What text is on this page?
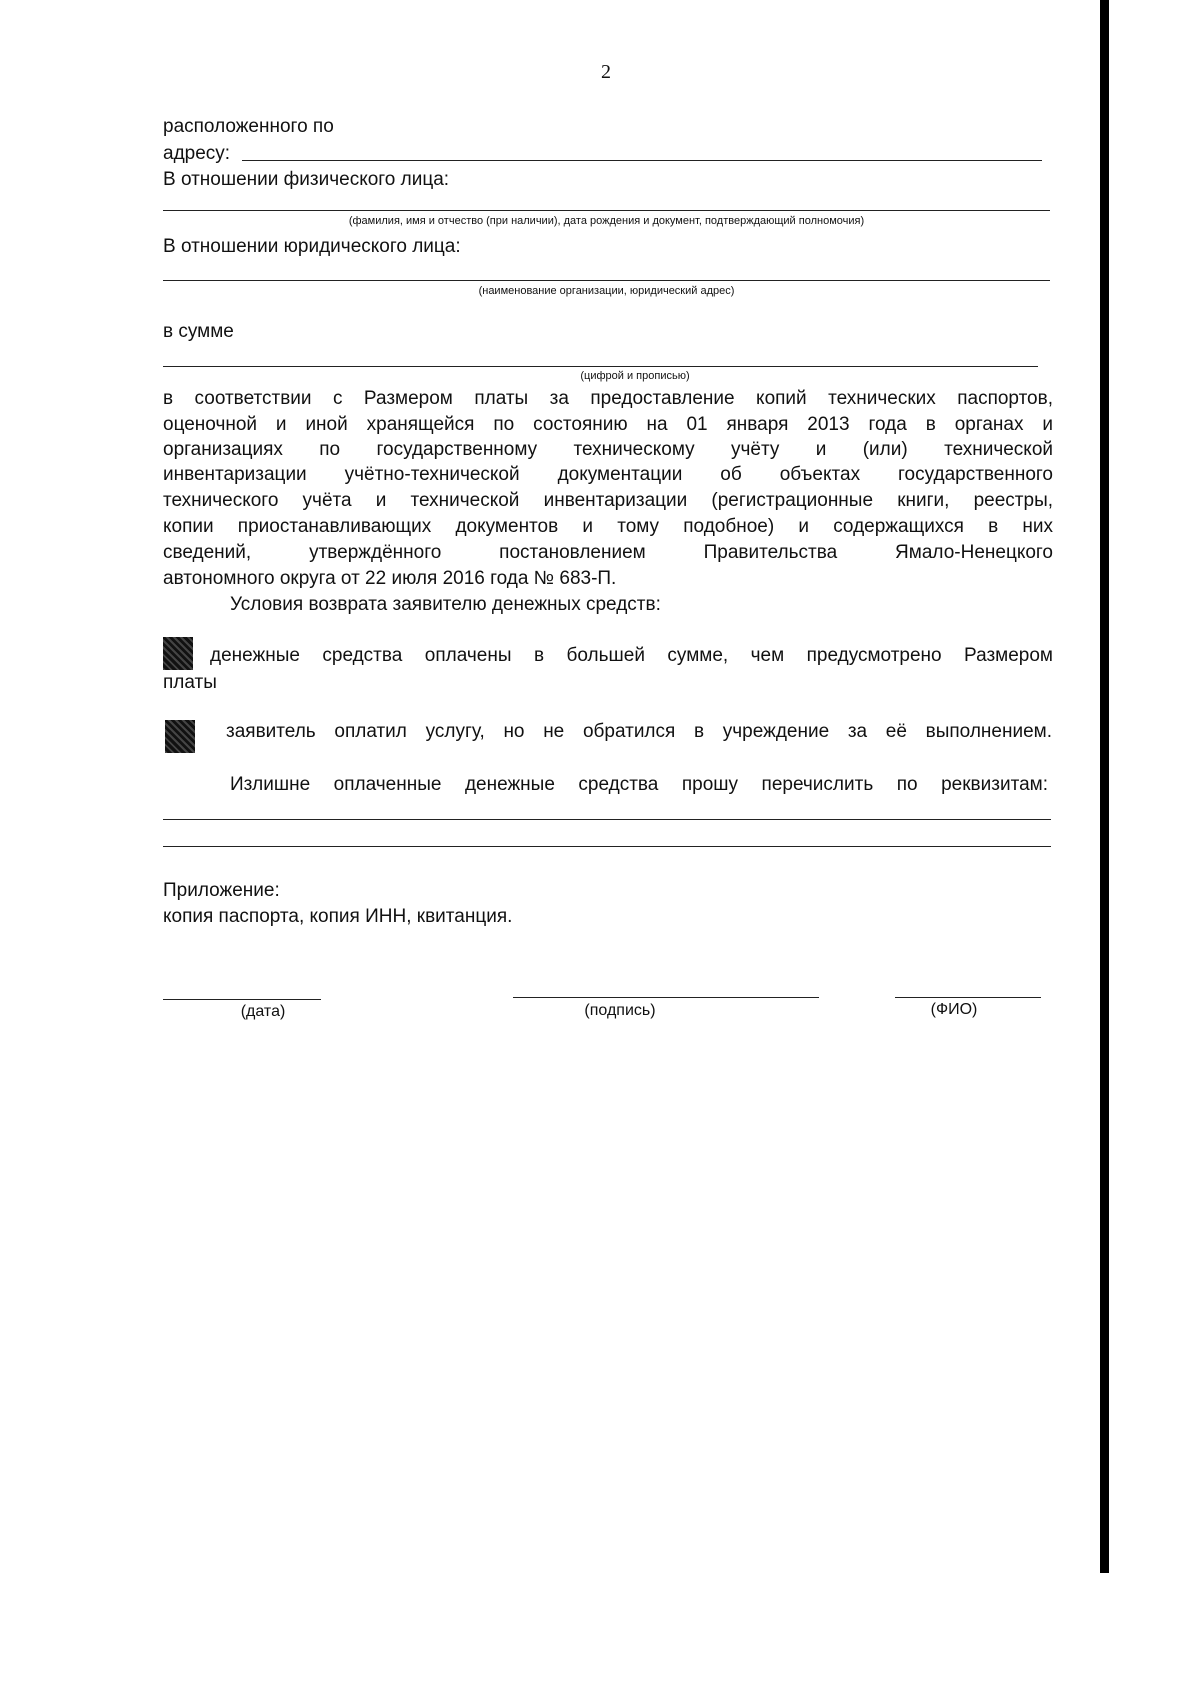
2
расположенного по
адресу:
В отношении физического лица:
(фамилия, имя и отчество (при наличии), дата рождения и документ, подтверждающий полномочия)
В отношении юридического лица:
(наименование организации, юридический адрес)
в сумме
(цифрой и прописью)
в соответствии с Размером платы за предоставление копий технических паспортов,
оценочной и иной хранящейся по состоянию на 01 января 2013 года в органах и
организациях по государственному техническому учёту и (или) технической
инвентаризации учётно-технической документации об объектах государственного
технического учёта и технической инвентаризации (регистрационные книги, реестры,
копии приостанавливающих документов и тому подобное) и содержащихся в них
сведений, утверждённого постановлением Правительства Ямало-Ненецкого
автономного округа от 22 июля 2016 года № 683-П.
Условия возврата заявителю денежных средств:
денежные средства оплачены в большей сумме, чем предусмотрено Размером
платы
заявитель оплатил услугу, но не обратился в учреждение за её выполнением.
Излишне оплаченные денежные средства прошу перечислить по реквизитам:
Приложение:
копия паспорта, копия ИНН, квитанция.
(дата)	(подпись)	(ФИО)
